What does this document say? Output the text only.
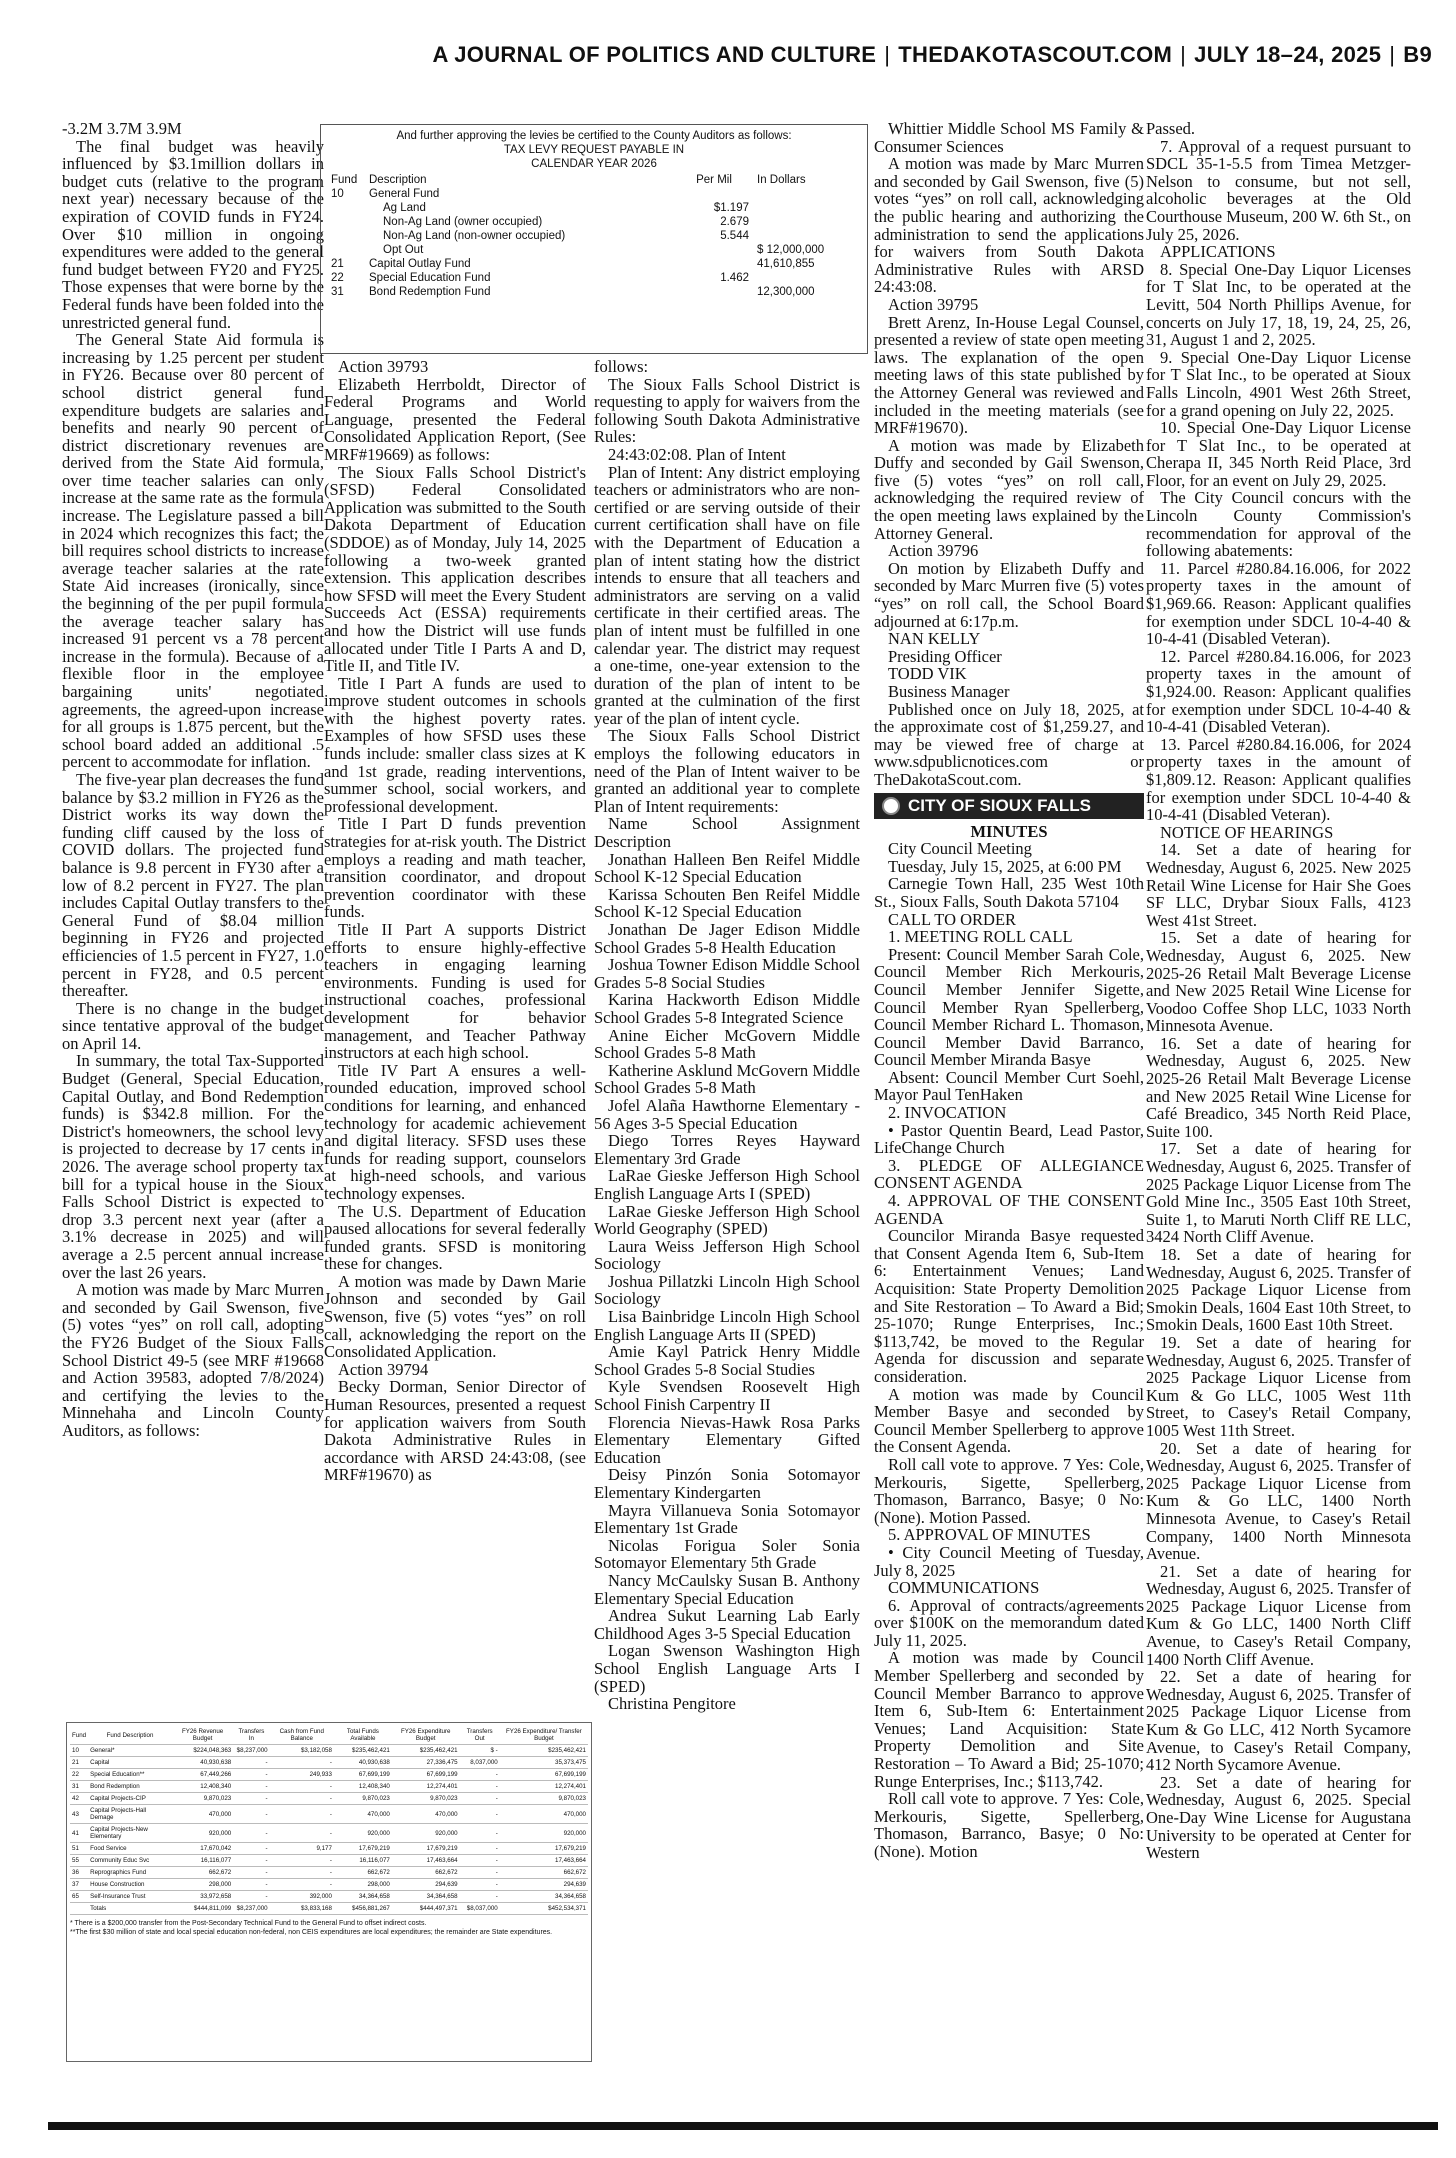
A JOURNAL OF POLITICS AND CULTURE | THEDAKOTASCOUT.COM | JULY 18–24, 2025 | B9

-3.2M 3.7M 3.9M

The final budget was heavily influenced by $3.1million dollars in budget cuts (relative to the program next year) necessary because of the expiration of COVID funds in FY24. Over $10 million in ongoing expenditures were added to the general fund budget between FY20 and FY25. Those expenses that were borne by the Federal funds have been folded into the unrestricted general fund.

The General State Aid formula is increasing by 1.25 percent per student in FY26. Because over 80 percent of school district general fund expenditure budgets are salaries and benefits and nearly 90 percent of district discretionary revenues are derived from the State Aid formula, over time teacher salaries can only increase at the same rate as the formula increase. The Legislature passed a bill in 2024 which recognizes this fact; the bill requires school districts to increase average teacher salaries at the rate State Aid increases (ironically, since the beginning of the per pupil formula the average teacher salary has increased 91 percent vs a 78 percent increase in the formula). Because of a flexible floor in the employee bargaining units' negotiated agreements, the agreed-upon increase for all groups is 1.875 percent, but the school board added an additional .5 percent to accommodate for inflation.

The five-year plan decreases the fund balance by $3.2 million in FY26 as the District works its way down the funding cliff caused by the loss of COVID dollars. The projected fund balance is 9.8 percent in FY30 after a low of 8.2 percent in FY27. The plan includes Capital Outlay transfers to the General Fund of $8.04 million beginning in FY26 and projected efficiencies of 1.5 percent in FY27, 1.0 percent in FY28, and 0.5 percent thereafter.

There is no change in the budget since tentative approval of the budget on April 14.

In summary, the total Tax-Supported Budget (General, Special Education, Capital Outlay, and Bond Redemption funds) is $342.8 million. For the District's homeowners, the school levy is projected to decrease by 17 cents in 2026. The average school property tax bill for a typical house in the Sioux Falls School District is expected to drop 3.3 percent next year (after a 3.1% decrease in 2025) and will average a 2.5 percent annual increase over the last 26 years.

A motion was made by Marc Murren and seconded by Gail Swenson, five (5) votes “yes” on roll call, adopting the FY26 Budget of the Sioux Falls School District 49-5 (see MRF #19668 and Action 39583, adopted 7/8/2024) and certifying the levies to the Minnehaha and Lincoln County Auditors, as follows:

And further approving the levies be certified to the County Auditors as follows:
TAX LEVY REQUEST PAYABLE IN
CALENDAR YEAR 2026
Fund	Description	Per Mil	In Dollars
10	General Fund		
	Ag Land	$1.197	
	Non-Ag Land (owner occupied)	2.679	
	Non-Ag Land (non-owner occupied)	5.544	
	Opt Out		$ 12,000,000
21	Capital Outlay Fund		41,610,855
22	Special Education Fund	1.462	
31	Bond Redemption Fund		12,300,000

Action 39793

Elizabeth Herrboldt, Director of Federal Programs and World Language, presented the Federal Consolidated Application Report, (See MRF#19669) as follows:

The Sioux Falls School District's (SFSD) Federal Consolidated Application was submitted to the South Dakota Department of Education (SDDOE) as of Monday, July 14, 2025 following a two-week granted extension. This application describes how SFSD will meet the Every Student Succeeds Act (ESSA) requirements and how the District will use funds allocated under Title I Parts A and D, Title II, and Title IV.

Title I Part A funds are used to improve student outcomes in schools with the highest poverty rates. Examples of how SFSD uses these funds include: smaller class sizes at K and 1st grade, reading interventions, summer school, social workers, and professional development.

Title I Part D funds prevention strategies for at-risk youth. The District employs a reading and math teacher, transition coordinator, and dropout prevention coordinator with these funds.

Title II Part A supports District efforts to ensure highly-effective teachers in engaging learning environments. Funding is used for instructional coaches, professional development for behavior management, and Teacher Pathway instructors at each high school.

Title IV Part A ensures a well-rounded education, improved school conditions for learning, and enhanced technology for academic achievement and digital literacy. SFSD uses these funds for reading support, counselors at high-need schools, and various technology expenses.

The U.S. Department of Education paused allocations for several federally funded grants. SFSD is monitoring these for changes.

A motion was made by Dawn Marie Johnson and seconded by Gail Swenson, five (5) votes “yes” on roll call, acknowledging the report on the Consolidated Application.

Action 39794

Becky Dorman, Senior Director of Human Resources, presented a request for application waivers from South Dakota Administrative Rules in accordance with ARSD 24:43:08, (see MRF#19670) as

follows:

The Sioux Falls School District is requesting to apply for waivers from the following South Dakota Administrative Rules:

24:43:02:08. Plan of Intent

Plan of Intent: Any district employing teachers or administrators who are non-certified or are serving outside of their current certification shall have on file with the Department of Education a plan of intent stating how the district intends to ensure that all teachers and administrators are serving on a valid certificate in their certified areas. The plan of intent must be fulfilled in one calendar year. The district may request a one-time, one-year extension to the duration of the plan of intent to be granted at the culmination of the first year of the plan of intent cycle.

The Sioux Falls School District employs the following educators in need of the Plan of Intent waiver to be granted an additional year to complete Plan of Intent requirements:

Name School Assignment Description

Jonathan Halleen Ben Reifel Middle School K-12 Special Education

Karissa Schouten Ben Reifel Middle School K-12 Special Education

Jonathan De Jager Edison Middle School Grades 5-8 Health Education

Joshua Towner Edison Middle School Grades 5-8 Social Studies

Karina Hackworth Edison Middle School Grades 5-8 Integrated Science

Anine Eicher McGovern Middle School Grades 5-8 Math

Katherine Asklund McGovern Middle School Grades 5-8 Math

Jofel Alaña Hawthorne Elementary - 56 Ages 3-5 Special Education

Diego Torres Reyes Hayward Elementary 3rd Grade

LaRae Gieske Jefferson High School English Language Arts I (SPED)

LaRae Gieske Jefferson High School World Geography (SPED)

Laura Weiss Jefferson High School Sociology

Joshua Pillatzki Lincoln High School Sociology

Lisa Bainbridge Lincoln High School English Language Arts II (SPED)

Amie Kayl Patrick Henry Middle School Grades 5-8 Social Studies

Kyle Svendsen Roosevelt High School Finish Carpentry II

Florencia Nievas-Hawk Rosa Parks Elementary Elementary Gifted Education

Deisy Pinzón Sonia Sotomayor Elementary Kindergarten

Mayra Villanueva Sonia Sotomayor Elementary 1st Grade

Nicolas Forigua Soler Sonia Sotomayor Elementary 5th Grade

Nancy McCaulsky Susan B. Anthony Elementary Special Education

Andrea Sukut Learning Lab Early Childhood Ages 3-5 Special Education

Logan Swenson Washington High School English Language Arts I (SPED)

Christina Pengitore

Whittier Middle School MS Family & Consumer Sciences

A motion was made by Marc Murren and seconded by Gail Swenson, five (5) votes “yes” on roll call, acknowledging the public hearing and authorizing the administration to send the applications for waivers from South Dakota Administrative Rules with ARSD 24:43:08.

Action 39795

Brett Arenz, In-House Legal Counsel, presented a review of state open meeting laws. The explanation of the open meeting laws of this state published by the Attorney General was reviewed and included in the meeting materials (see MRF#19670).

A motion was made by Elizabeth Duffy and seconded by Gail Swenson, five (5) votes “yes” on roll call, acknowledging the required review of the open meeting laws explained by the Attorney General.

Action 39796

On motion by Elizabeth Duffy and seconded by Marc Murren five (5) votes “yes” on roll call, the School Board adjourned at 6:17p.m.

NAN KELLY

Presiding Officer

TODD VIK

Business Manager

Published once on July 18, 2025, at the approximate cost of $1,259.27, and may be viewed free of charge at www.sdpublicnotices.com or TheDakotaScout.com.

CITY OF SIOUX FALLS

MINUTES

City Council Meeting

Tuesday, July 15, 2025, at 6:00 PM

Carnegie Town Hall, 235 West 10th St., Sioux Falls, South Dakota 57104

CALL TO ORDER

1. MEETING ROLL CALL

Present: Council Member Sarah Cole, Council Member Rich Merkouris, Council Member Jennifer Sigette, Council Member Ryan Spellerberg, Council Member Richard L. Thomason, Council Member David Barranco, Council Member Miranda Basye

Absent: Council Member Curt Soehl, Mayor Paul TenHaken

2. INVOCATION

• Pastor Quentin Beard, Lead Pastor, LifeChange Church

3. PLEDGE OF ALLEGIANCE CONSENT AGENDA

4. APPROVAL OF THE CONSENT AGENDA

Councilor Miranda Basye requested that Consent Agenda Item 6, Sub-Item 6: Entertainment Venues; Land Acquisition: State Property Demolition and Site Restoration – To Award a Bid; 25-1070; Runge Enterprises, Inc.; $113,742, be moved to the Regular Agenda for discussion and separate consideration.

A motion was made by Council Member Basye and seconded by Council Member Spellerberg to approve the Consent Agenda.

Roll call vote to approve. 7 Yes: Cole, Merkouris, Sigette, Spellerberg, Thomason, Barranco, Basye; 0 No: (None). Motion Passed.

5. APPROVAL OF MINUTES

• City Council Meeting of Tuesday, July 8, 2025

COMMUNICATIONS

6. Approval of contracts/agreements over $100K on the memorandum dated July 11, 2025.

A motion was made by Council Member Spellerberg and seconded by Council Member Barranco to approve Item 6, Sub-Item 6: Entertainment Venues; Land Acquisition: State Property Demolition and Site Restoration – To Award a Bid; 25-1070; Runge Enterprises, Inc.; $113,742.

Roll call vote to approve. 7 Yes: Cole, Merkouris, Sigette, Spellerberg, Thomason, Barranco, Basye; 0 No: (None). Motion

Passed.

7. Approval of a request pursuant to SDCL 35-1-5.5 from Timea Metzger-Nelson to consume, but not sell, alcoholic beverages at the Old Courthouse Museum, 200 W. 6th St., on July 25, 2026.

APPLICATIONS

8. Special One-Day Liquor Licenses for T Slat Inc, to be operated at the Levitt, 504 North Phillips Avenue, for concerts on July 17, 18, 19, 24, 25, 26, 31, August 1 and 2, 2025.

9. Special One-Day Liquor License for T Slat Inc., to be operated at Sioux Falls Lincoln, 4901 West 26th Street, for a grand opening on July 22, 2025.

10. Special One-Day Liquor License for T Slat Inc., to be operated at Cherapa II, 345 North Reid Place, 3rd Floor, for an event on July 29, 2025.

The City Council concurs with the Lincoln County Commission's recommendation for approval of the following abatements:

11. Parcel #280.84.16.006, for 2022 property taxes in the amount of $1,969.66. Reason: Applicant qualifies for exemption under SDCL 10-4-40 & 10-4-41 (Disabled Veteran).

12. Parcel #280.84.16.006, for 2023 property taxes in the amount of $1,924.00. Reason: Applicant qualifies for exemption under SDCL 10-4-40 & 10-4-41 (Disabled Veteran).

13. Parcel #280.84.16.006, for 2024 property taxes in the amount of $1,809.12. Reason: Applicant qualifies for exemption under SDCL 10-4-40 & 10-4-41 (Disabled Veteran).

NOTICE OF HEARINGS

14. Set a date of hearing for Wednesday, August 6, 2025. New 2025 Retail Wine License for Hair She Goes SF LLC, Drybar Sioux Falls, 4123 West 41st Street.

15. Set a date of hearing for Wednesday, August 6, 2025. New 2025-26 Retail Malt Beverage License and New 2025 Retail Wine License for Voodoo Coffee Shop LLC, 1033 North Minnesota Avenue.

16. Set a date of hearing for Wednesday, August 6, 2025. New 2025-26 Retail Malt Beverage License and New 2025 Retail Wine License for Café Breadico, 345 North Reid Place, Suite 100.

17. Set a date of hearing for Wednesday, August 6, 2025. Transfer of 2025 Package Liquor License from The Gold Mine Inc., 3505 East 10th Street, Suite 1, to Maruti North Cliff RE LLC, 3424 North Cliff Avenue.

18. Set a date of hearing for Wednesday, August 6, 2025. Transfer of 2025 Package Liquor License from Smokin Deals, 1604 East 10th Street, to Smokin Deals, 1600 East 10th Street.

19. Set a date of hearing for Wednesday, August 6, 2025. Transfer of 2025 Package Liquor License from Kum & Go LLC, 1005 West 11th Street, to Casey's Retail Company, 1005 West 11th Street.

20. Set a date of hearing for Wednesday, August 6, 2025. Transfer of 2025 Package Liquor License from Kum & Go LLC, 1400 North Minnesota Avenue, to Casey's Retail Company, 1400 North Minnesota Avenue.

21. Set a date of hearing for Wednesday, August 6, 2025. Transfer of 2025 Package Liquor License from Kum & Go LLC, 1400 North Cliff Avenue, to Casey's Retail Company, 1400 North Cliff Avenue.

22. Set a date of hearing for Wednesday, August 6, 2025. Transfer of 2025 Package Liquor License from Kum & Go LLC, 412 North Sycamore Avenue, to Casey's Retail Company, 412 North Sycamore Avenue.

23. Set a date of hearing for Wednesday, August 6, 2025. Special One-Day Wine License for Augustana University to be operated at Center for Western

Fund	Fund Description	FY26 Revenue Budget	Transfers In	Cash from Fund Balance	Total Funds Available	FY26 Expenditure Budget	Transfers Out	FY26 Expenditure/ Transfer Budget
10	General*	$224,048,363	$8,237,000	$3,182,058	$235,462,421	$235,462,421	$ -	$235,462,421
21	Capital	40,930,638	-	-	40,930,638	27,336,475	8,037,000	35,373,475
22	Special Education**	67,449,266	-	249,933	67,699,199	67,699,199	-	67,699,199
31	Bond Redemption	12,408,340	-	-	12,408,340	12,274,401	-	12,274,401
42	Capital Projects-CIP	9,870,023	-	-	9,870,023	9,870,023	-	9,870,023
43	Capital Projects-Hall Demage	470,000	-	-	470,000	470,000	-	470,000
41	Capital Projects-New Elementary	920,000	-	-	920,000	920,000	-	920,000
51	Food Service	17,670,042	-	9,177	17,679,219	17,679,219	-	17,679,219
55	Community Educ Svc	16,116,077	-	-	16,116,077	17,463,664	-	17,463,664
36	Reprographics Fund	662,672	-	-	662,672	662,672	-	662,672
37	House Construction	298,000	-	-	298,000	294,639	-	294,639
65	Self-Insurance Trust	33,972,658	-	392,000	34,364,658	34,364,658	-	34,364,658
	Totals	$444,811,099	$8,237,000	$3,833,168	$456,881,267	$444,497,371	$8,037,000	$452,534,371
* There is a $200,000 transfer from the Post-Secondary Technical Fund to the General Fund to offset indirect costs.
**The first $30 million of state and local special education non-federal, non CEIS expenditures are local expenditures; the remainder are State expenditures.
